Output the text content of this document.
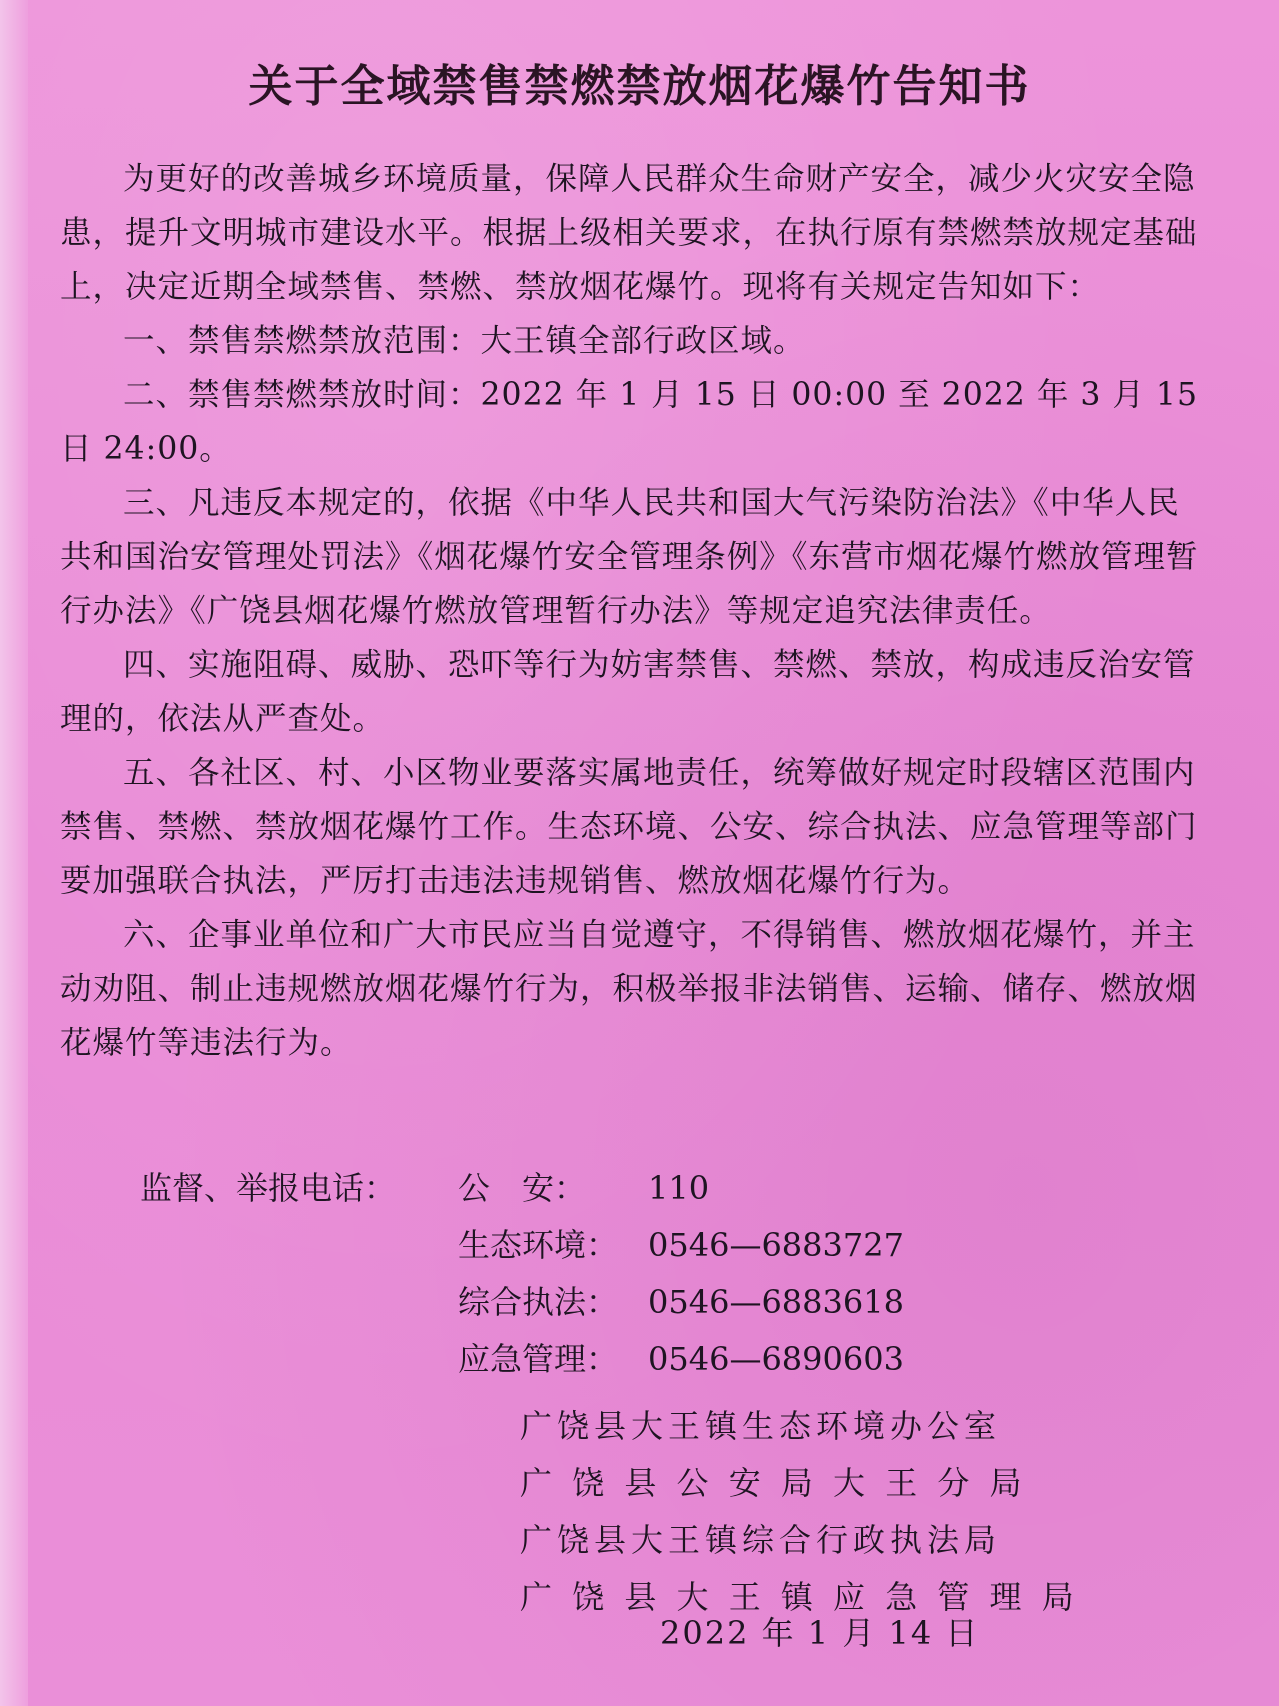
关于全域禁售禁燃禁放烟花爆竹告知书

为更好的改善城乡环境质量，保障人民群众生命财产安全，减少火灾安全隐患，提升文明城市建设水平。根据上级相关要求，在执行原有禁燃禁放规定基础上，决定近期全域禁售、禁燃、禁放烟花爆竹。现将有关规定告知如下：

一、禁售禁燃禁放范围：大王镇全部行政区域。

二、禁售禁燃禁放时间：2022 年 1 月 15 日 00:00 至 2022 年 3 月 15 日 24:00。

三、凡违反本规定的，依据《中华人民共和国大气污染防治法》《中华人民共和国治安管理处罚法》《烟花爆竹安全管理条例》《东营市烟花爆竹燃放管理暂行办法》《广饶县烟花爆竹燃放管理暂行办法》等规定追究法律责任。

四、实施阻碍、威胁、恐吓等行为妨害禁售、禁燃、禁放，构成违反治安管理的，依法从严查处。

五、各社区、村、小区物业要落实属地责任，统筹做好规定时段辖区范围内禁售、禁燃、禁放烟花爆竹工作。生态环境、公安、综合执法、应急管理等部门要加强联合执法，严厉打击违法违规销售、燃放烟花爆竹行为。

六、企事业单位和广大市民应当自觉遵守，不得销售、燃放烟花爆竹，并主动劝阻、制止违规燃放烟花爆竹行为，积极举报非法销售、运输、储存、燃放烟花爆竹等违法行为。

监督、举报电话： 公　安： 110
生态环境： 0546—6883727
综合执法： 0546—6883618
应急管理： 0546—6890603
广饶县大王镇生态环境办公室
广 饶 县 公 安 局 大 王 分 局
广饶县大王镇综合行政执法局
广 饶 县 大 王 镇 应 急 管 理 局
2022 年 1 月 14 日
